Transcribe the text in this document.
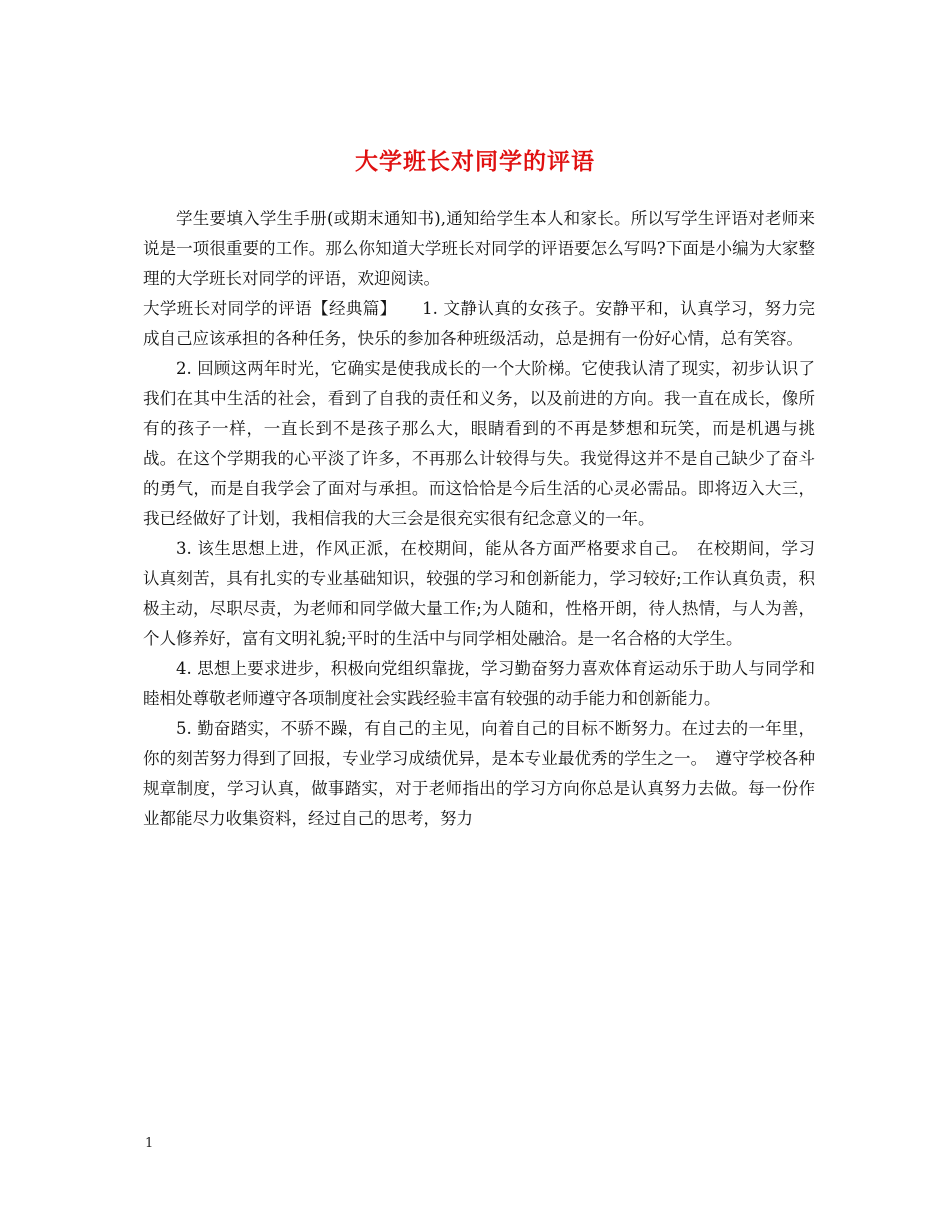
大学班长对同学的评语

学生要填入学生手册(或期末通知书),通知给学生本人和家长。所以写学生评语对老师来说是一项很重要的工作。那么你知道大学班长对同学的评语要怎么写吗?下面是小编为大家整理的大学班长对同学的评语，欢迎阅读。

大学班长对同学的评语【经典篇】　　1. 文静认真的女孩子。安静平和，认真学习，努力完成自己应该承担的各种任务，快乐的参加各种班级活动，总是拥有一份好心情，总有笑容。

2. 回顾这两年时光，它确实是使我成长的一个大阶梯。它使我认清了现实，初步认识了我们在其中生活的社会，看到了自我的责任和义务，以及前进的方向。我一直在成长，像所有的孩子一样，一直长到不是孩子那么大，眼睛看到的不再是梦想和玩笑，而是机遇与挑战。在这个学期我的心平淡了许多，不再那么计较得与失。我觉得这并不是自己缺少了奋斗的勇气，而是自我学会了面对与承担。而这恰恰是今后生活的心灵必需品。即将迈入大三，我已经做好了计划，我相信我的大三会是很充实很有纪念意义的一年。

3. 该生思想上进，作风正派，在校期间，能从各方面严格要求自己。　在校期间，学习认真刻苦，具有扎实的专业基础知识，较强的学习和创新能力，学习较好;工作认真负责，积极主动，尽职尽责，为老师和同学做大量工作;为人随和，性格开朗，待人热情，与人为善，个人修养好，富有文明礼貌;平时的生活中与同学相处融洽。是一名合格的大学生。

4. 思想上要求进步，积极向党组织靠拢，学习勤奋努力喜欢体育运动乐于助人与同学和睦相处尊敬老师遵守各项制度社会实践经验丰富有较强的动手能力和创新能力。

5. 勤奋踏实，不骄不躁，有自己的主见，向着自己的目标不断努力。在过去的一年里，你的刻苦努力得到了回报，专业学习成绩优异，是本专业最优秀的学生之一。　遵守学校各种规章制度，学习认真，做事踏实，对于老师指出的学习方向你总是认真努力去做。每一份作业都能尽力收集资料，经过自己的思考，努力

1
